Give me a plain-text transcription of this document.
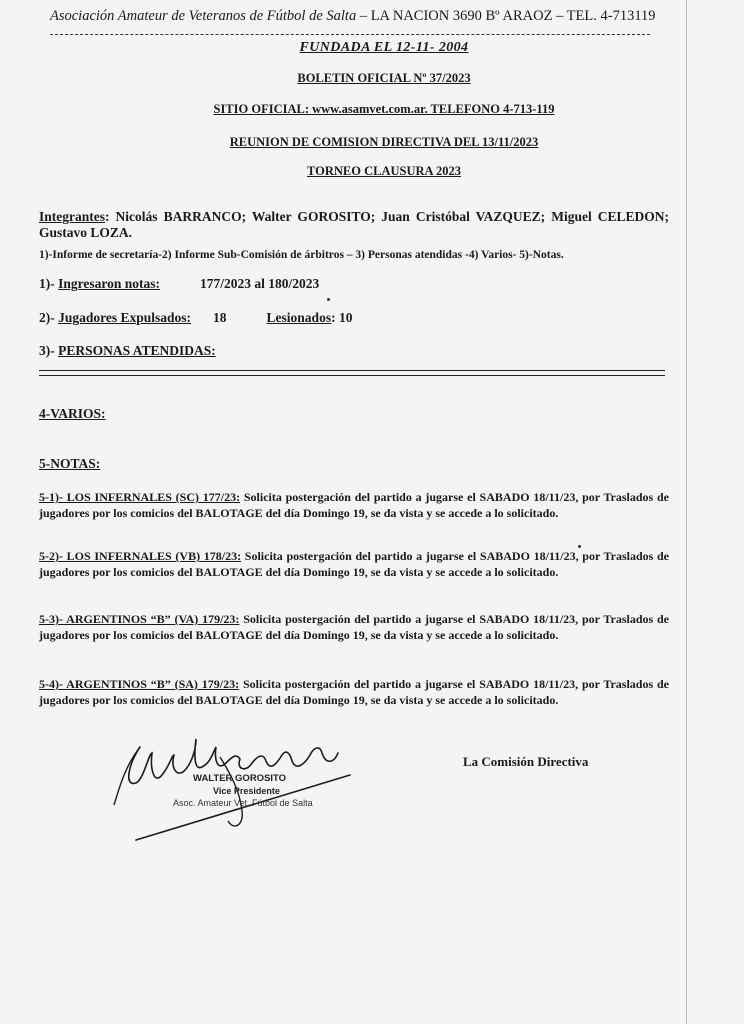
Asociación Amateur de Veteranos de Fútbol de Salta – LA NACION 3690 Bº ARAOZ – TEL. 4-713119
FUNDADA EL 12-11- 2004
BOLETIN OFICIAL Nº 37/2023
SITIO OFICIAL: www.asamvet.com.ar. TELEFONO 4-713-119
REUNION DE COMISION DIRECTIVA DEL 13/11/2023
TORNEO CLAUSURA 2023
Integrantes: Nicolás BARRANCO; Walter GOROSITO; Juan Cristóbal VAZQUEZ; Miguel CELEDON; Gustavo LOZA.
1)-Informe de secretaría-2) Informe Sub-Comisión de árbitros – 3) Personas atendidas -4) Varios- 5)-Notas.
1)- Ingresaron notas:	177/2023 al 180/2023
2)- Jugadores Expulsados: 18	Lesionados: 10
3)- PERSONAS ATENDIDAS:
4-VARIOS:
5-NOTAS:
5-1)- LOS INFERNALES (SC) 177/23: Solicita postergación del partido a jugarse el SABADO 18/11/23, por Traslados de jugadores por los comicios del BALOTAGE del día Domingo 19, se da vista y se accede a lo solicitado.
5-2)- LOS INFERNALES (VB) 178/23: Solicita postergación del partido a jugarse el SABADO 18/11/23, por Traslados de jugadores por los comicios del BALOTAGE del día Domingo 19, se da vista y se accede a lo solicitado.
5-3)- ARGENTINOS “B” (VA) 179/23: Solicita postergación del partido a jugarse el SABADO 18/11/23, por Traslados de jugadores por los comicios del BALOTAGE del día Domingo 19, se da vista y se accede a lo solicitado.
5-4)- ARGENTINOS “B” (SA) 179/23: Solicita postergación del partido a jugarse el SABADO 18/11/23, por Traslados de jugadores por los comicios del BALOTAGE del día Domingo 19, se da vista y se accede a lo solicitado.
WALTER GOROSITO
Vice Presidente
Asoc. Amateur Vet. Fútbol de Salta
La Comisión Directiva
